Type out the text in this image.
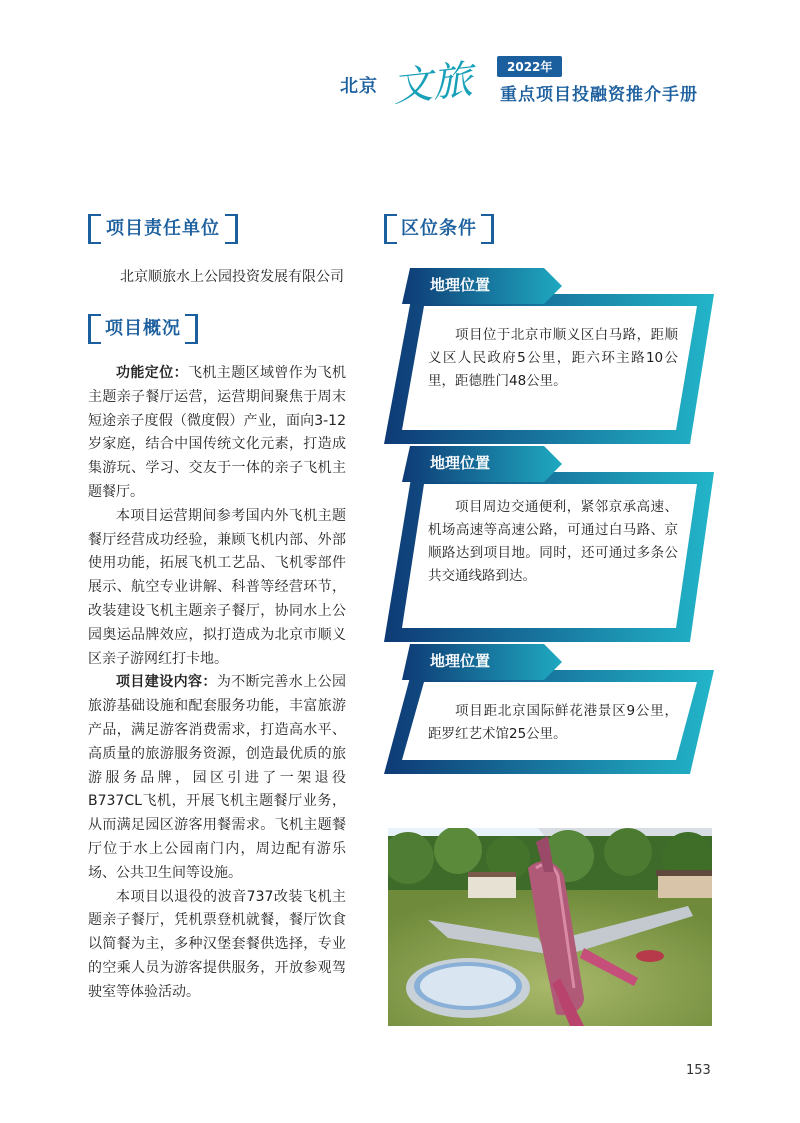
北京 文旅	2022年
重点项目投融资推介手册
项目责任单位
北京顺旅水上公园投资发展有限公司
项目概况

功能定位：飞机主题区域曾作为飞机主题亲子餐厅运营，运营期间聚焦于周末短途亲子度假（微度假）产业，面向3-12岁家庭，结合中国传统文化元素，打造成集游玩、学习、交友于一体的亲子飞机主题餐厅。

本项目运营期间参考国内外飞机主题餐厅经营成功经验，兼顾飞机内部、外部使用功能，拓展飞机工艺品、飞机零部件展示、航空专业讲解、科普等经营环节，改装建设飞机主题亲子餐厅，协同水上公园奥运品牌效应，拟打造成为北京市顺义区亲子游网红打卡地。

项目建设内容：为不断完善水上公园旅游基础设施和配套服务功能，丰富旅游产品，满足游客消费需求，打造高水平、高质量的旅游服务资源，创造最优质的旅游服务品牌，园区引进了一架退役B737CL飞机，开展飞机主题餐厅业务，从而满足园区游客用餐需求。飞机主题餐厅位于水上公园南门内，周边配有游乐场、公共卫生间等设施。

本项目以退役的波音737改装飞机主题亲子餐厅，凭机票登机就餐，餐厅饮食以简餐为主，多种汉堡套餐供选择，专业的空乘人员为游客提供服务，开放参观驾驶室等体验活动。

区位条件

项目位于北京市顺义区白马路，距顺义区人民政府5公里，距六环主路10公里，距德胜门48公里。

地理位置

项目周边交通便利，紧邻京承高速、机场高速等高速公路，可通过白马路、京顺路达到项目地。同时，还可通过多条公共交通线路到达。

地理位置

项目距北京国际鲜花港景区9公里，距罗红艺术馆25公里。

地理位置
153
